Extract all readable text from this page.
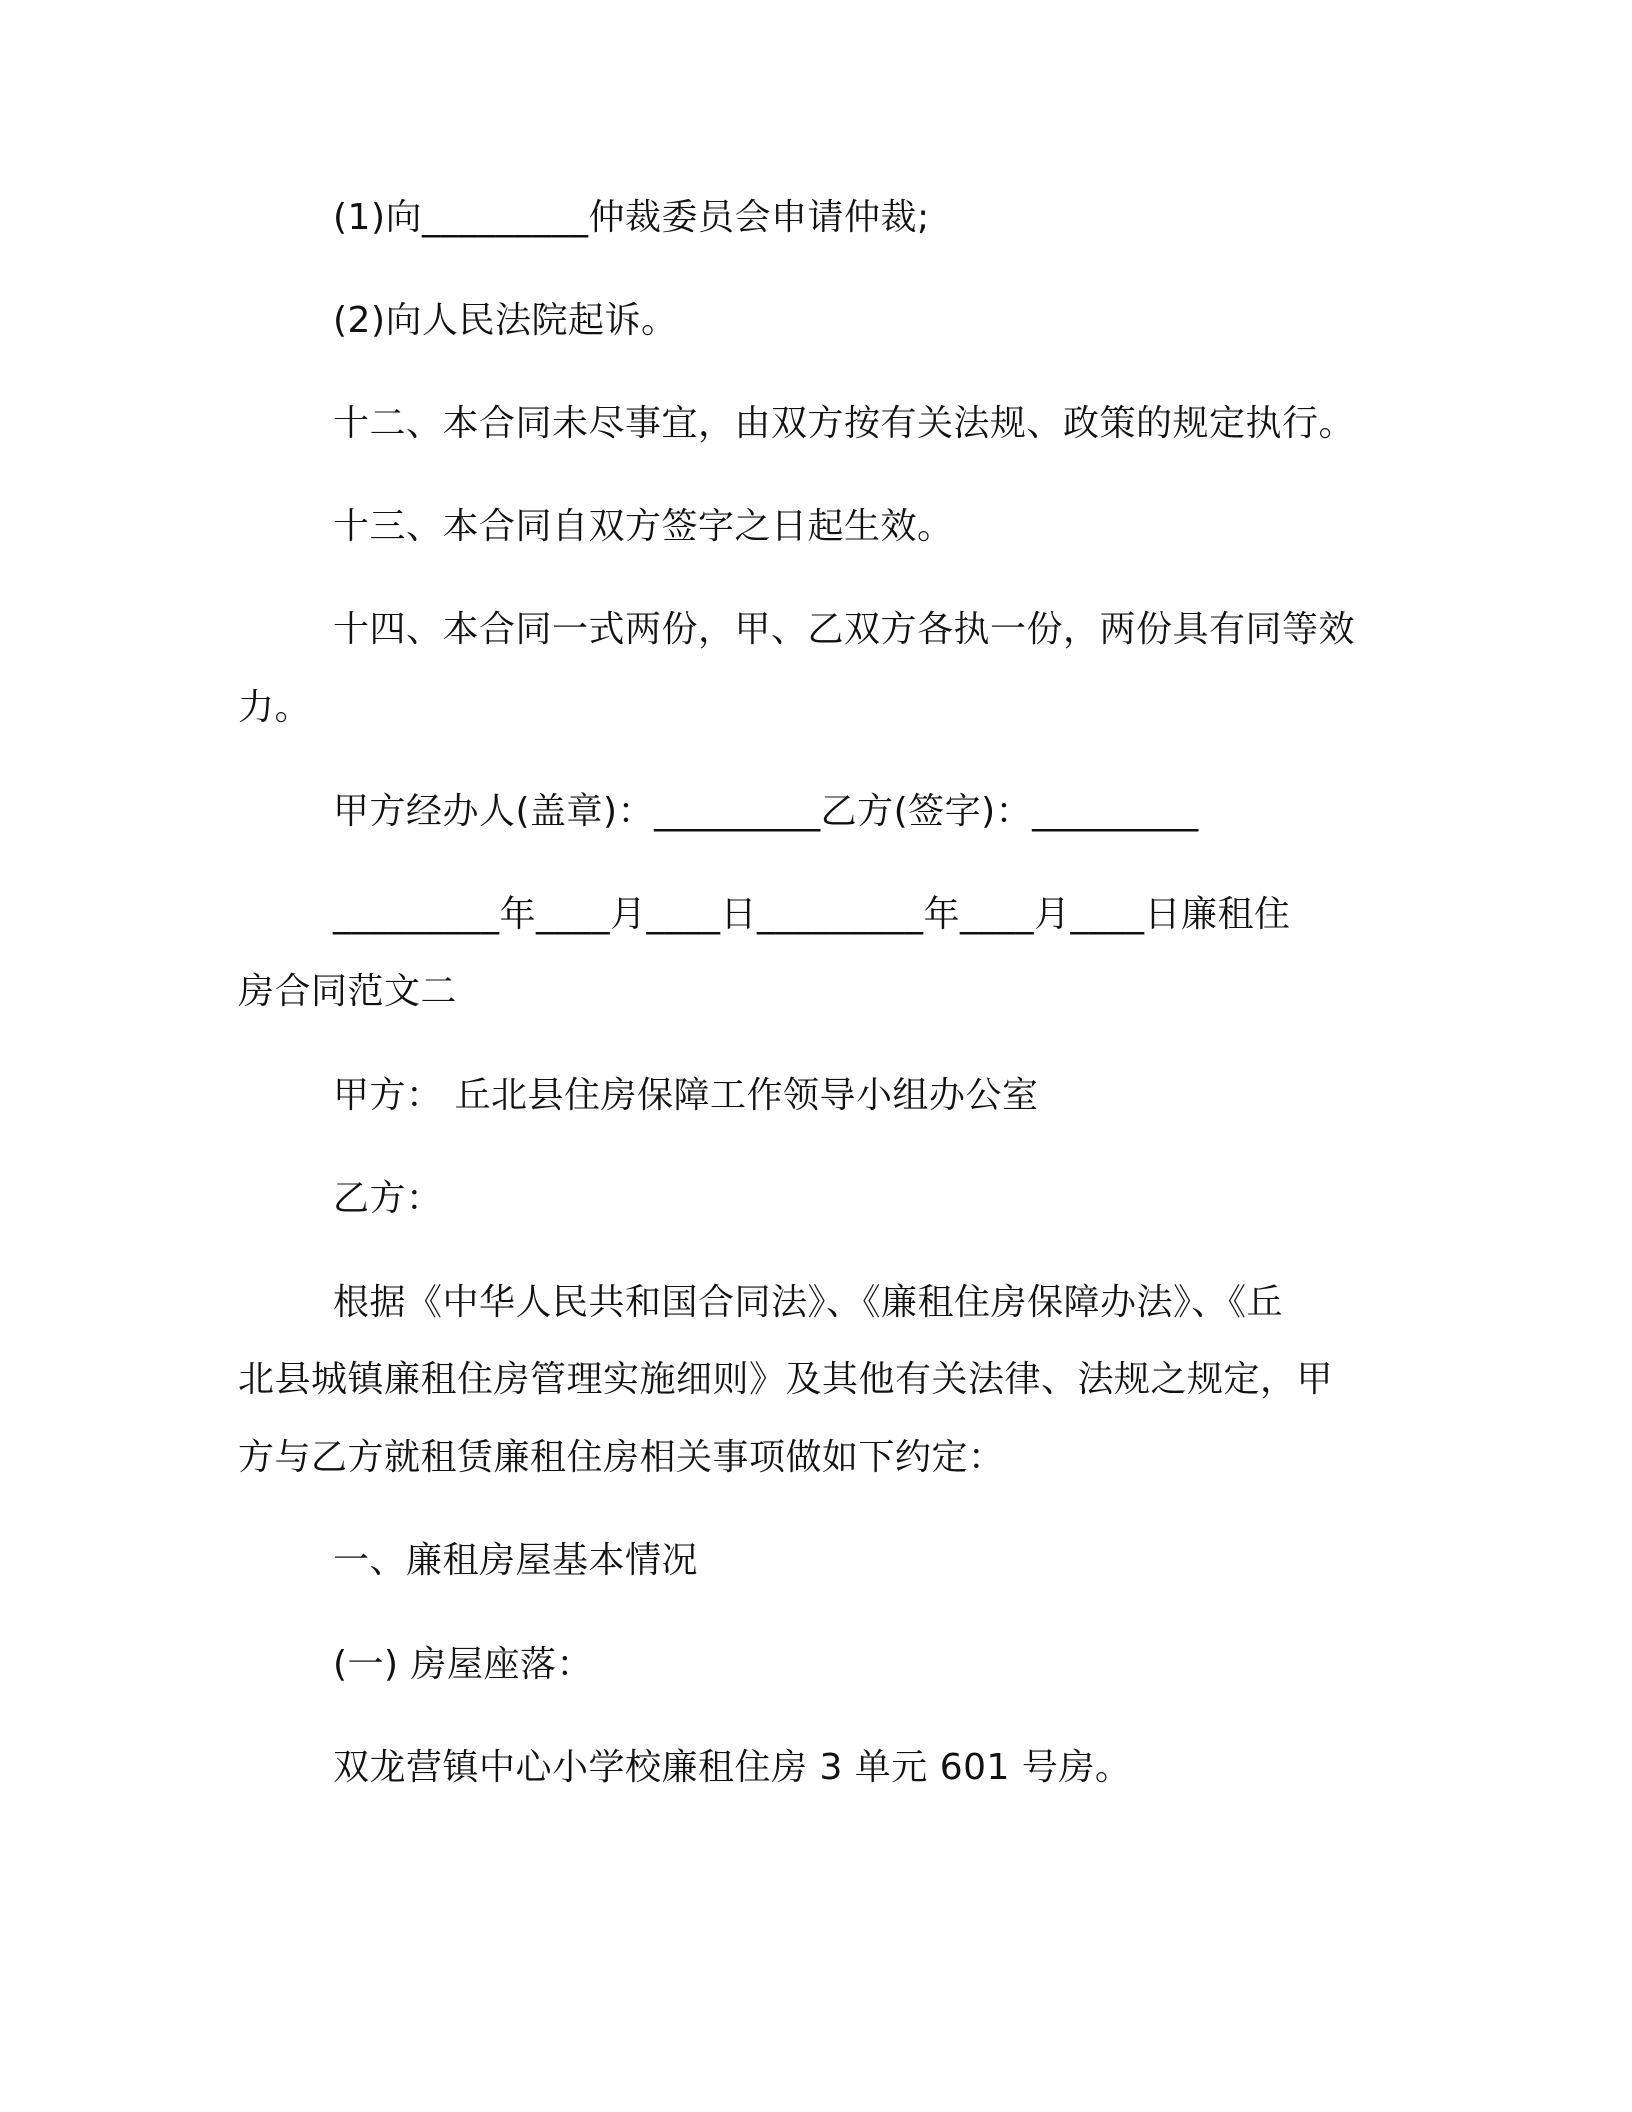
(1)向_________仲裁委员会申请仲裁;
(2)向人民法院起诉。
十二、本合同未尽事宜，由双方按有关法规、政策的规定执行。
十三、本合同自双方签字之日起生效。
十四、本合同一式两份，甲、乙双方各执一份，两份具有同等效
力。
甲方经办人(盖章)：_________乙方(签字)：_________
_________年____月____日_________年____月____日廉租住
房合同范文二
甲方： 丘北县住房保障工作领导小组办公室
乙方：
根据《中华人民共和国合同法》、《廉租住房保障办法》、《丘
北县城镇廉租住房管理实施细则》及其他有关法律、法规之规定，甲
方与乙方就租赁廉租住房相关事项做如下约定：
一、廉租房屋基本情况
(一) 房屋座落：
双龙营镇中心小学校廉租住房 3 单元 601 号房。
